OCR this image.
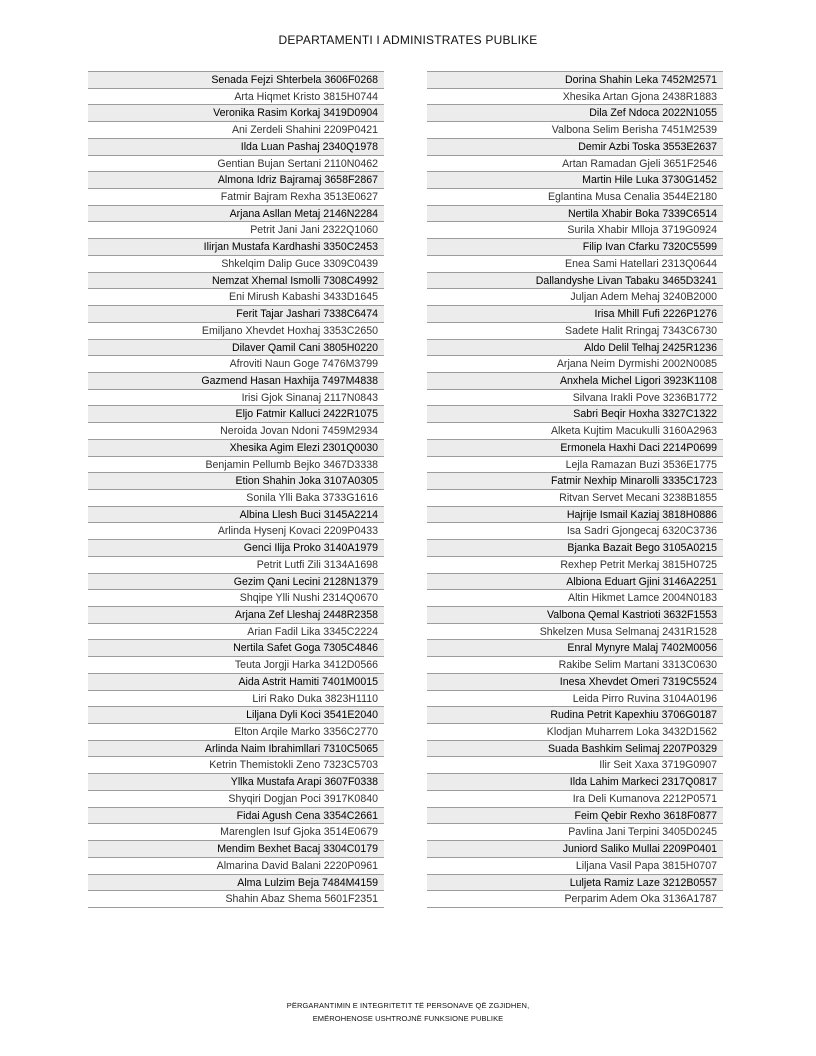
DEPARTAMENTI I ADMINISTRATES PUBLIKE
Senada Fejzi Shterbela 3606F0268
Arta Hiqmet Kristo 3815H0744
Veronika Rasim Korkaj 3419D0904
Ani Zerdeli Shahini 2209P0421
Ilda Luan Pashaj 2340Q1978
Gentian Bujan Sertani 2110N0462
Almona Idriz Bajramaj 3658F2867
Fatmir Bajram Rexha 3513E0627
Arjana Asllan Metaj 2146N2284
Petrit Jani Jani 2322Q1060
Ilirjan Mustafa Kardhashi 3350C2453
Shkelqim Dalip Guce 3309C0439
Nemzat Xhemal Ismolli 7308C4992
Eni Mirush Kabashi 3433D1645
Ferit Tajar Jashari 7338C6474
Emiljano Xhevdet Hoxhaj 3353C2650
Dilaver Qamil Cani 3805H0220
Afroviti Naun Goge 7476M3799
Gazmend Hasan Haxhija 7497M4838
Irisi Gjok Sinanaj 2117N0843
Eljo Fatmir Kalluci 2422R1075
Neroida Jovan Ndoni 7459M2934
Xhesika Agim Elezi 2301Q0030
Benjamin Pellumb Bejko 3467D3338
Etion Shahin Joka 3107A0305
Sonila Ylli Baka 3733G1616
Albina Llesh Buci 3145A2214
Arlinda Hysenj Kovaci 2209P0433
Genci Ilija Proko 3140A1979
Petrit Lutfi Zili 3134A1698
Gezim Qani Lecini 2128N1379
Shqipe Ylli Nushi 2314Q0670
Arjana Zef Lleshaj 2448R2358
Arian Fadil Lika 3345C2224
Nertila Safet Goga 7305C4846
Teuta Jorgji Harka 3412D0566
Aida Astrit Hamiti 7401M0015
Liri Rako Duka 3823H1110
Liljana Dyli Koci 3541E2040
Elton Arqile Marko 3356C2770
Arlinda Naim Ibrahimllari 7310C5065
Ketrin Themistokli Zeno 7323C5703
Yllka Mustafa Arapi 3607F0338
Shyqiri Dogjan Poci 3917K0840
Fidai Agush Cena 3354C2661
Marenglen Isuf Gjoka 3514E0679
Mendim Bexhet Bacaj 3304C0179
Almarina David Balani 2220P0961
Alma Lulzim Beja 7484M4159
Shahin Abaz Shema 5601F2351
Dorina Shahin Leka 7452M2571
Xhesika Artan Gjona 2438R1883
Dila Zef Ndoca 2022N1055
Valbona Selim Berisha 7451M2539
Demir Azbi Toska 3553E2637
Artan Ramadan Gjeli 3651F2546
Martin Hile Luka 3730G1452
Eglantina Musa Cenalia 3544E2180
Nertila Xhabir Boka 7339C6514
Surila Xhabir Mlloja 3719G0924
Filip Ivan Cfarku 7320C5599
Enea Sami Hatellari 2313Q0644
Dallandyshe Livan Tabaku 3465D3241
Juljan Adem Mehaj 3240B2000
Irisa Mhill Fufi 2226P1276
Sadete Halit Rringaj 7343C6730
Aldo Delil Telhaj 2425R1236
Arjana Neim Dyrmishi 2002N0085
Anxhela Michel Ligori 3923K1108
Silvana Irakli Pove 3236B1772
Sabri Beqir Hoxha 3327C1322
Alketa Kujtim Macukulli 3160A2963
Ermonela Haxhi Daci 2214P0699
Lejla Ramazan Buzi 3536E1775
Fatmir Nexhip Minarolli 3335C1723
Ritvan Servet Mecani 3238B1855
Hajrije Ismail Kaziaj 3818H0886
Isa Sadri Gjongecaj 6320C3736
Bjanka Bazait Bego 3105A0215
Rexhep Petrit Merkaj 3815H0725
Albiona Eduart Gjini 3146A2251
Altin Hikmet Lamce 2004N0183
Valbona Qemal Kastrioti 3632F1553
Shkelzen Musa Selmanaj 2431R1528
Enral Mynyre Malaj 7402M0056
Rakibe Selim Martani 3313C0630
Inesa Xhevdet Omeri 7319C5524
Leida Pirro Ruvina 3104A0196
Rudina Petrit Kapexhiu 3706G0187
Klodjan Muharrem Loka 3432D1562
Suada Bashkim Selimaj 2207P0329
Ilir Seit Xaxa 3719G0907
Ilda Lahim Markeci 2317Q0817
Ira Deli Kumanova 2212P0571
Feim Qebir Rexho 3618F0877
Pavlina Jani Terpini 3405D0245
Juniord Saliko Mullai 2209P0401
Liljana Vasil Papa 3815H0707
Luljeta Ramiz Laze 3212B0557
Perparim Adem Oka 3136A1787
PËRGARANTIMIN E INTEGRITETIT TË PERSONAVE QË ZGJIDHEN,
EMËROHENOSE USHTROJNË FUNKSIONE PUBLIKE
